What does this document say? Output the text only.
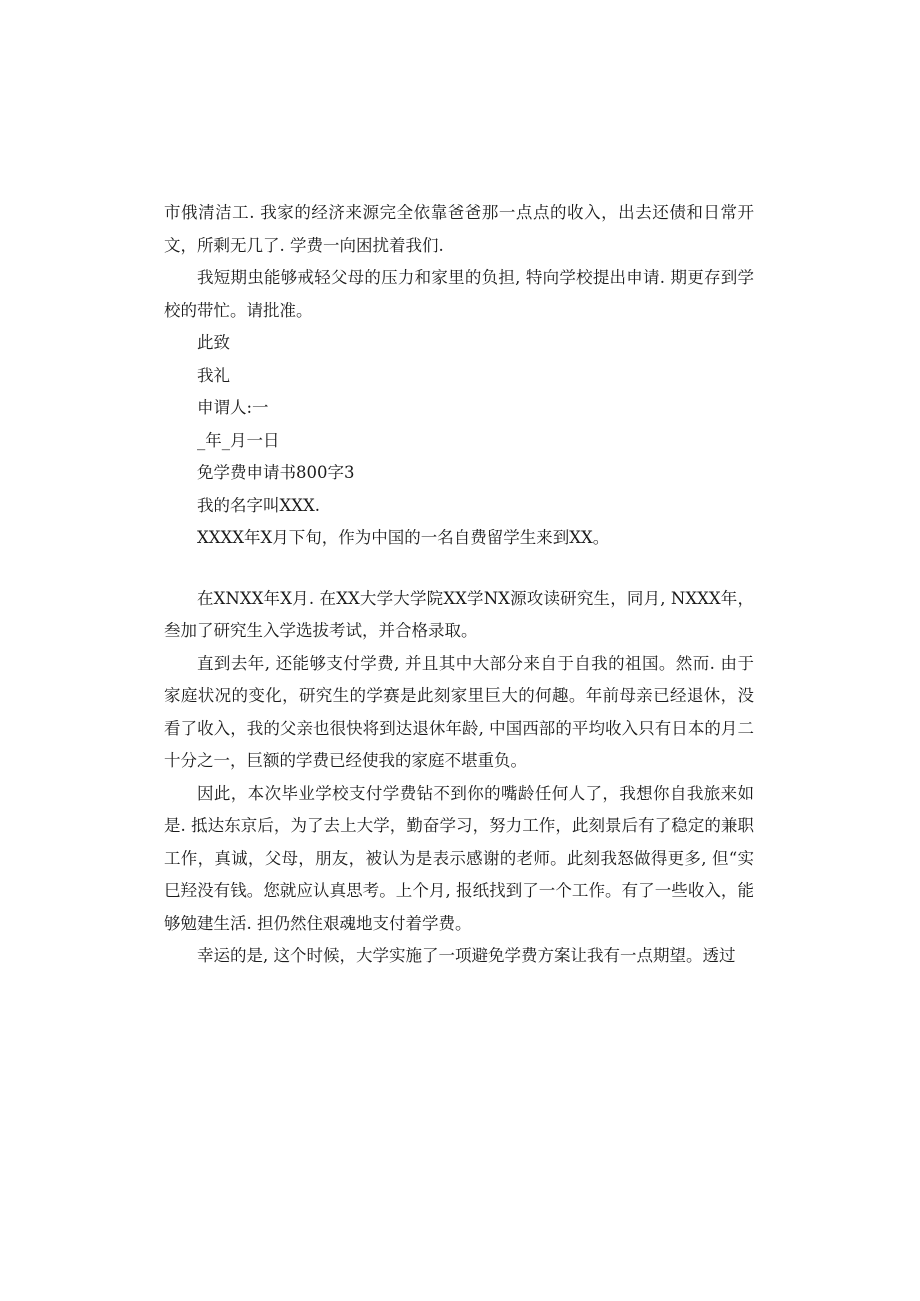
市俄清洁工. 我家的经济来源完全依靠爸爸那一点点的收入，出去还债和日常开文，所剩无几了. 学费一向困扰着我们.

我短期虫能够戒轻父母的压力和家里的负担, 特向学校提出申请. 期更存到学校的带忙。请批准。

此致

我礼

申谓人:一

_年_月一日

免学费申请书800字3

我的名字叫XXX.

XXXX年X月下旬，作为中国的一名自费留学生来到XX。

在XNXX年X月. 在XX大学大学院XX学NX源攻读研究生，同月, NXXX年，叁加了研究生入学选拔考试，并合格录取。

直到去年, 还能够支付学费, 并且其中大部分来自于自我的祖国。然而. 由于家庭状况的变化，研究生的学赛是此刻家里巨大的何趣。年前母亲已经退休，没看了收入，我的父亲也很快将到达退休年龄, 中国西部的平均收入只有日本的月二十分之一，巨额的学费已经使我的家庭不堪重负。

因此，本次毕业学校支付学费钻不到你的嘴龄任何人了，我想你自我旅来如是. 抵达东京后，为了去上大学，勤奋学习，努力工作，此刻景后有了稳定的兼职工作，真诚，父母，朋友，被认为是表示感谢的老师。此刻我怒做得更多, 但“实巳羟没有钱。您就应认真思考。上个月, 报纸找到了一个工作。有了一些收入，能够勉建生活. 担仍然住艰魂地支付着学费。

幸运的是, 这个时候，大学实施了一项避免学费方案让我有一点期望。透过
